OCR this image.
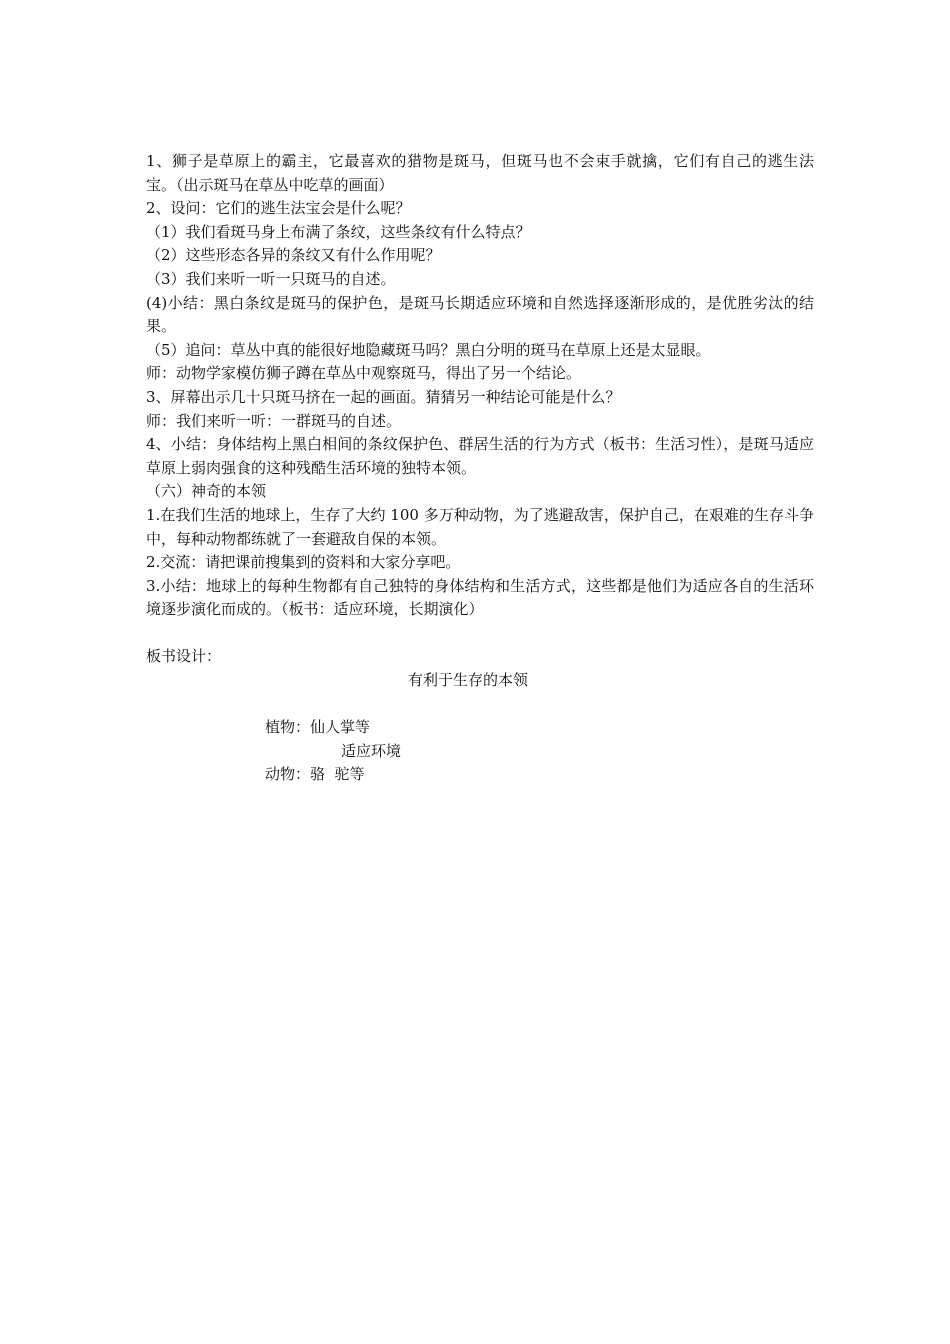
1、狮子是草原上的霸主，它最喜欢的猎物是斑马，但斑马也不会束手就擒，它们有自己的逃生法宝。（出示斑马在草丛中吃草的画面）

2、设问：它们的逃生法宝会是什么呢？

（1）我们看斑马身上布满了条纹，这些条纹有什么特点？

（2）这些形态各异的条纹又有什么作用呢？

（3）我们来听一听一只斑马的自述。

(4)小结：黑白条纹是斑马的保护色，是斑马长期适应环境和自然选择逐渐形成的，是优胜劣汰的结果。

（5）追问：草丛中真的能很好地隐藏斑马吗？黑白分明的斑马在草原上还是太显眼。

师：动物学家模仿狮子蹲在草丛中观察斑马，得出了另一个结论。

3、屏幕出示几十只斑马挤在一起的画面。猜猜另一种结论可能是什么？

师：我们来听一听：一群斑马的自述。

4、小结：身体结构上黑白相间的条纹保护色、群居生活的行为方式（板书：生活习性），是斑马适应草原上弱肉强食的这种残酷生活环境的独特本领。

（六）神奇的本领

1.在我们生活的地球上，生存了大约 100 多万种动物，为了逃避敌害，保护自己，在艰难的生存斗争中，每种动物都练就了一套避敌自保的本领。

2.交流：请把课前搜集到的资料和大家分享吧。

3.小结：地球上的每种生物都有自己独特的身体结构和生活方式，这些都是他们为适应各自的生活环境逐步演化而成的。（板书：适应环境，长期演化）

板书设计：

有利于生存的本领

植物：仙人掌等

适应环境

动物：骆  驼等
